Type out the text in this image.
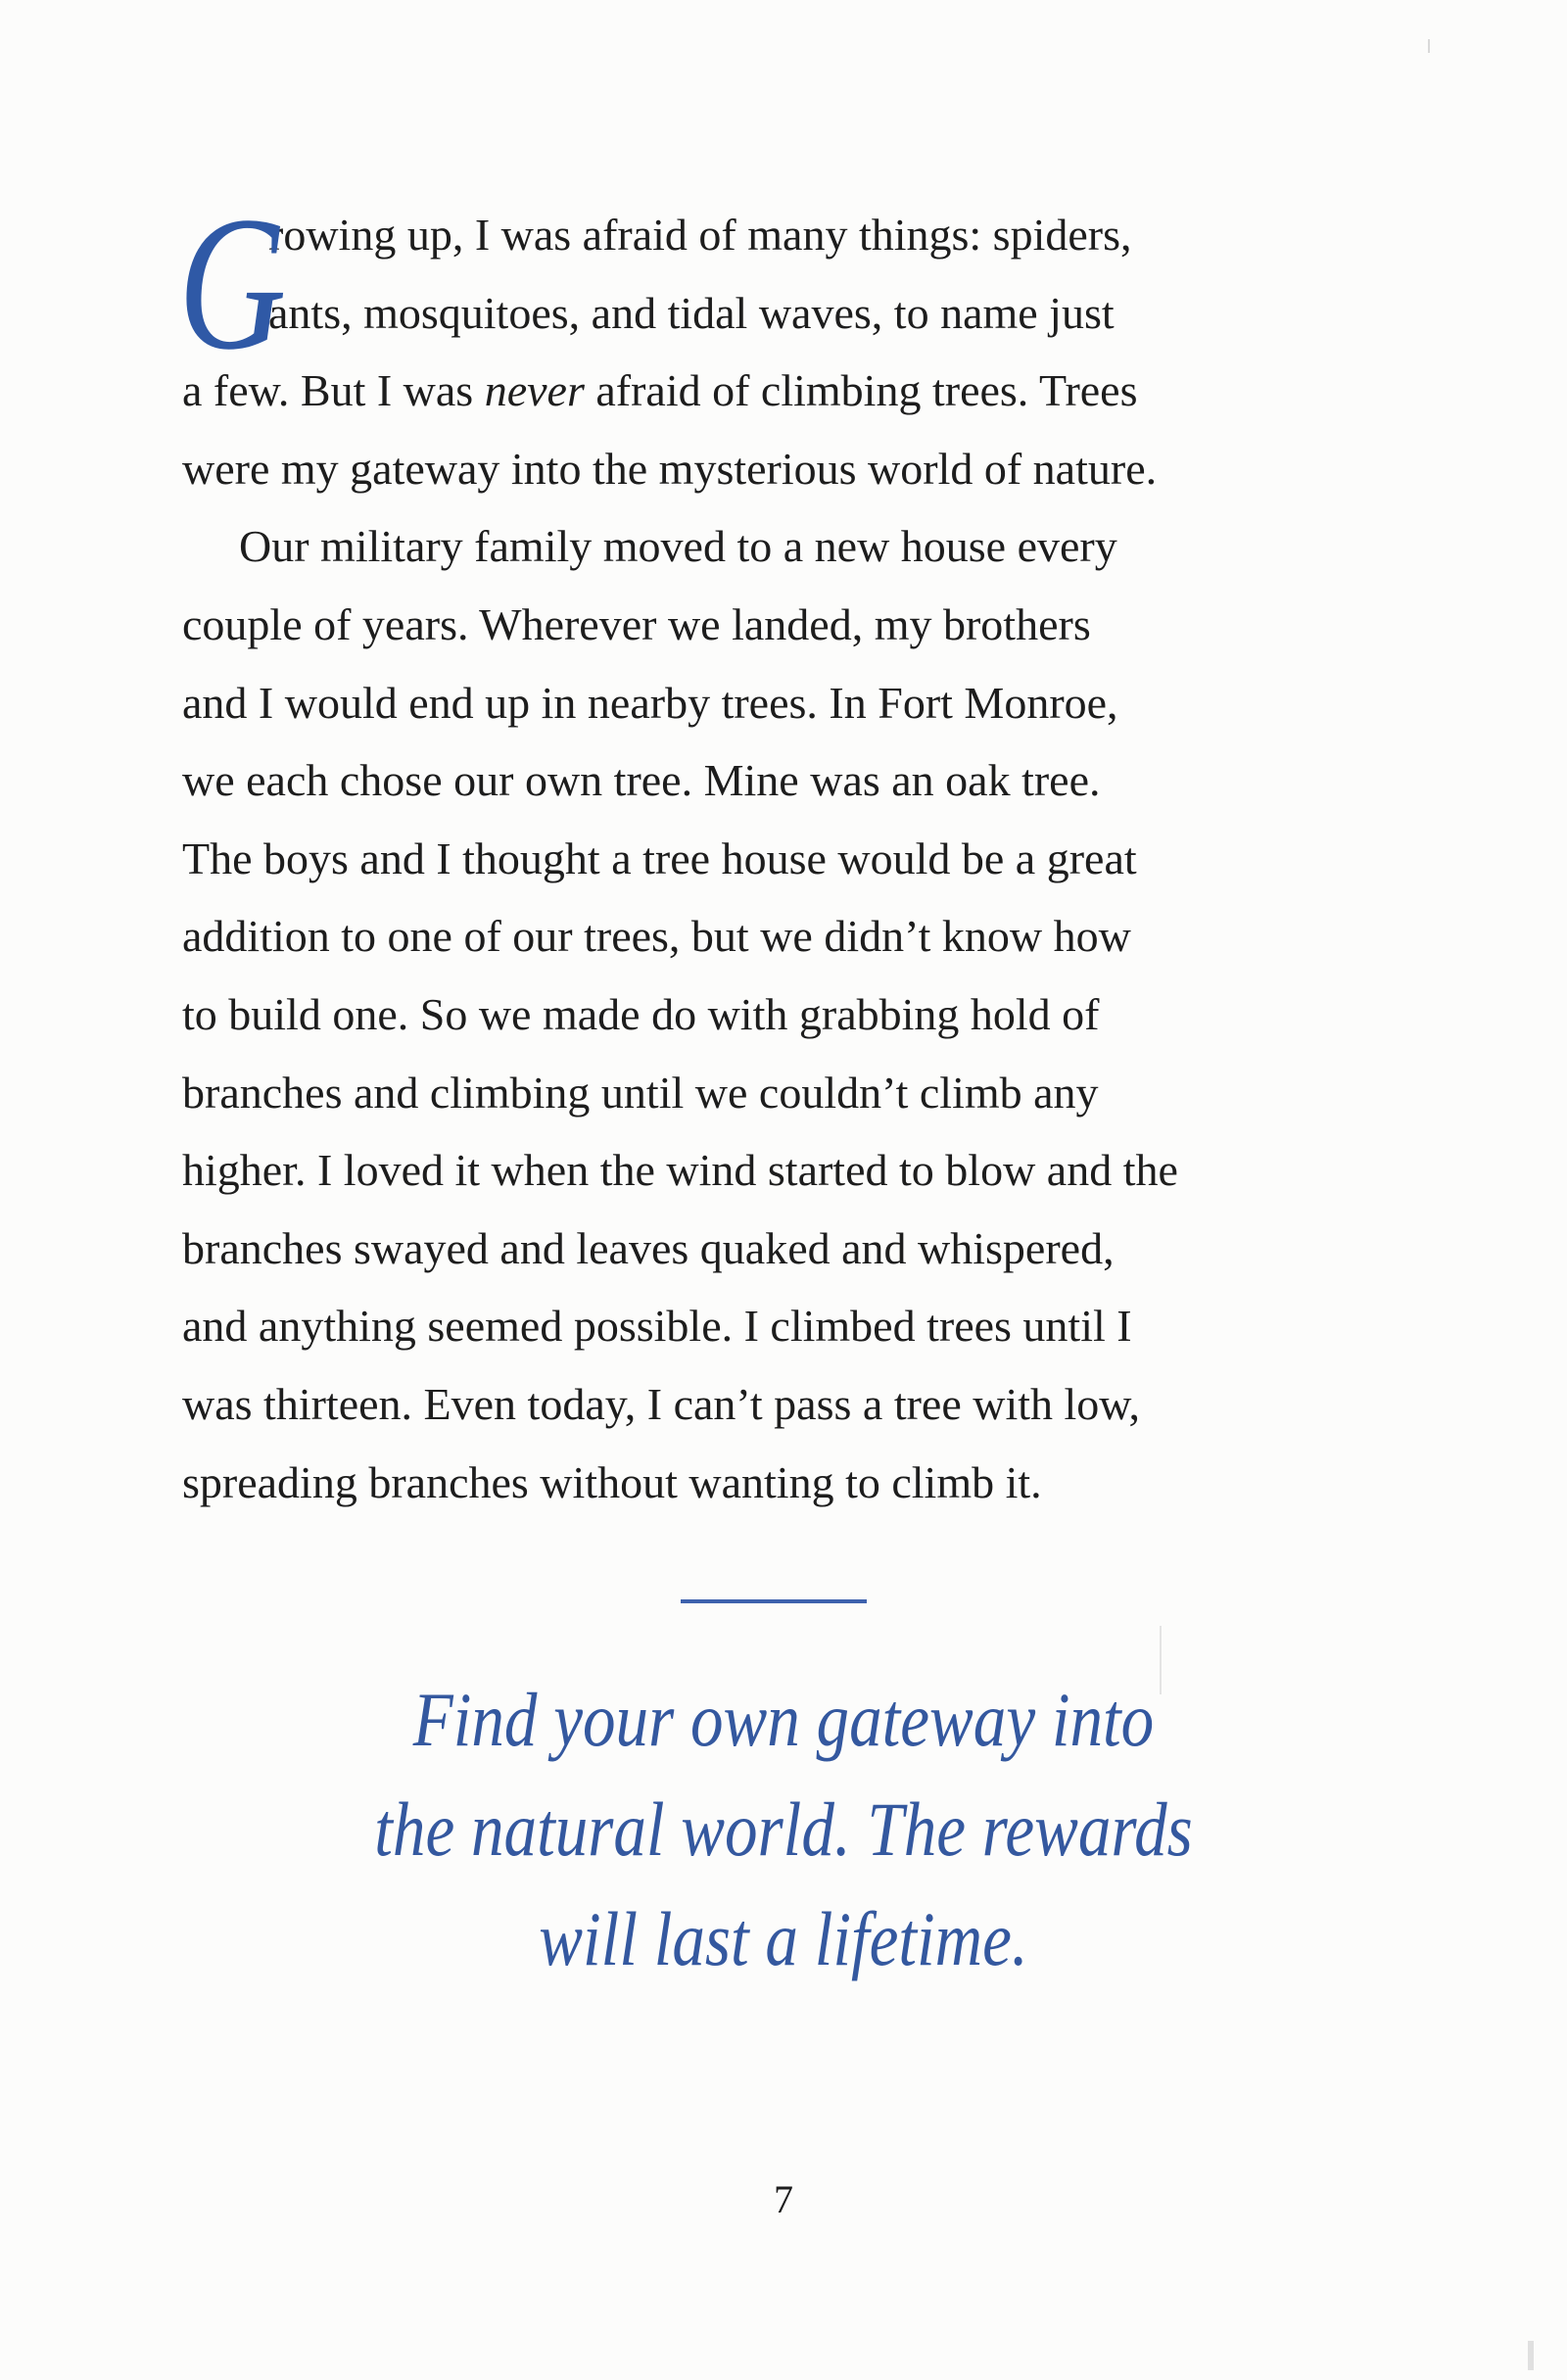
G
rowing up, I was afraid of many things: spiders,
ants, mosquitoes, and tidal waves, to name just
a few. But I was never afraid of climbing trees. Trees
were my gateway into the mysterious world of nature.
Our military family moved to a new house every
couple of years. Wherever we landed, my brothers
and I would end up in nearby trees. In Fort Monroe,
we each chose our own tree. Mine was an oak tree.
The boys and I thought a tree house would be a great
addition to one of our trees, but we didn’t know how
to build one. So we made do with grabbing hold of
branches and climbing until we couldn’t climb any
higher. I loved it when the wind started to blow and the
branches swayed and leaves quaked and whispered,
and anything seemed possible. I climbed trees until I
was thirteen. Even today, I can’t pass a tree with low,
spreading branches without wanting to climb it.
Find your own gateway into
the natural world. The rewards
will last a lifetime.
7
